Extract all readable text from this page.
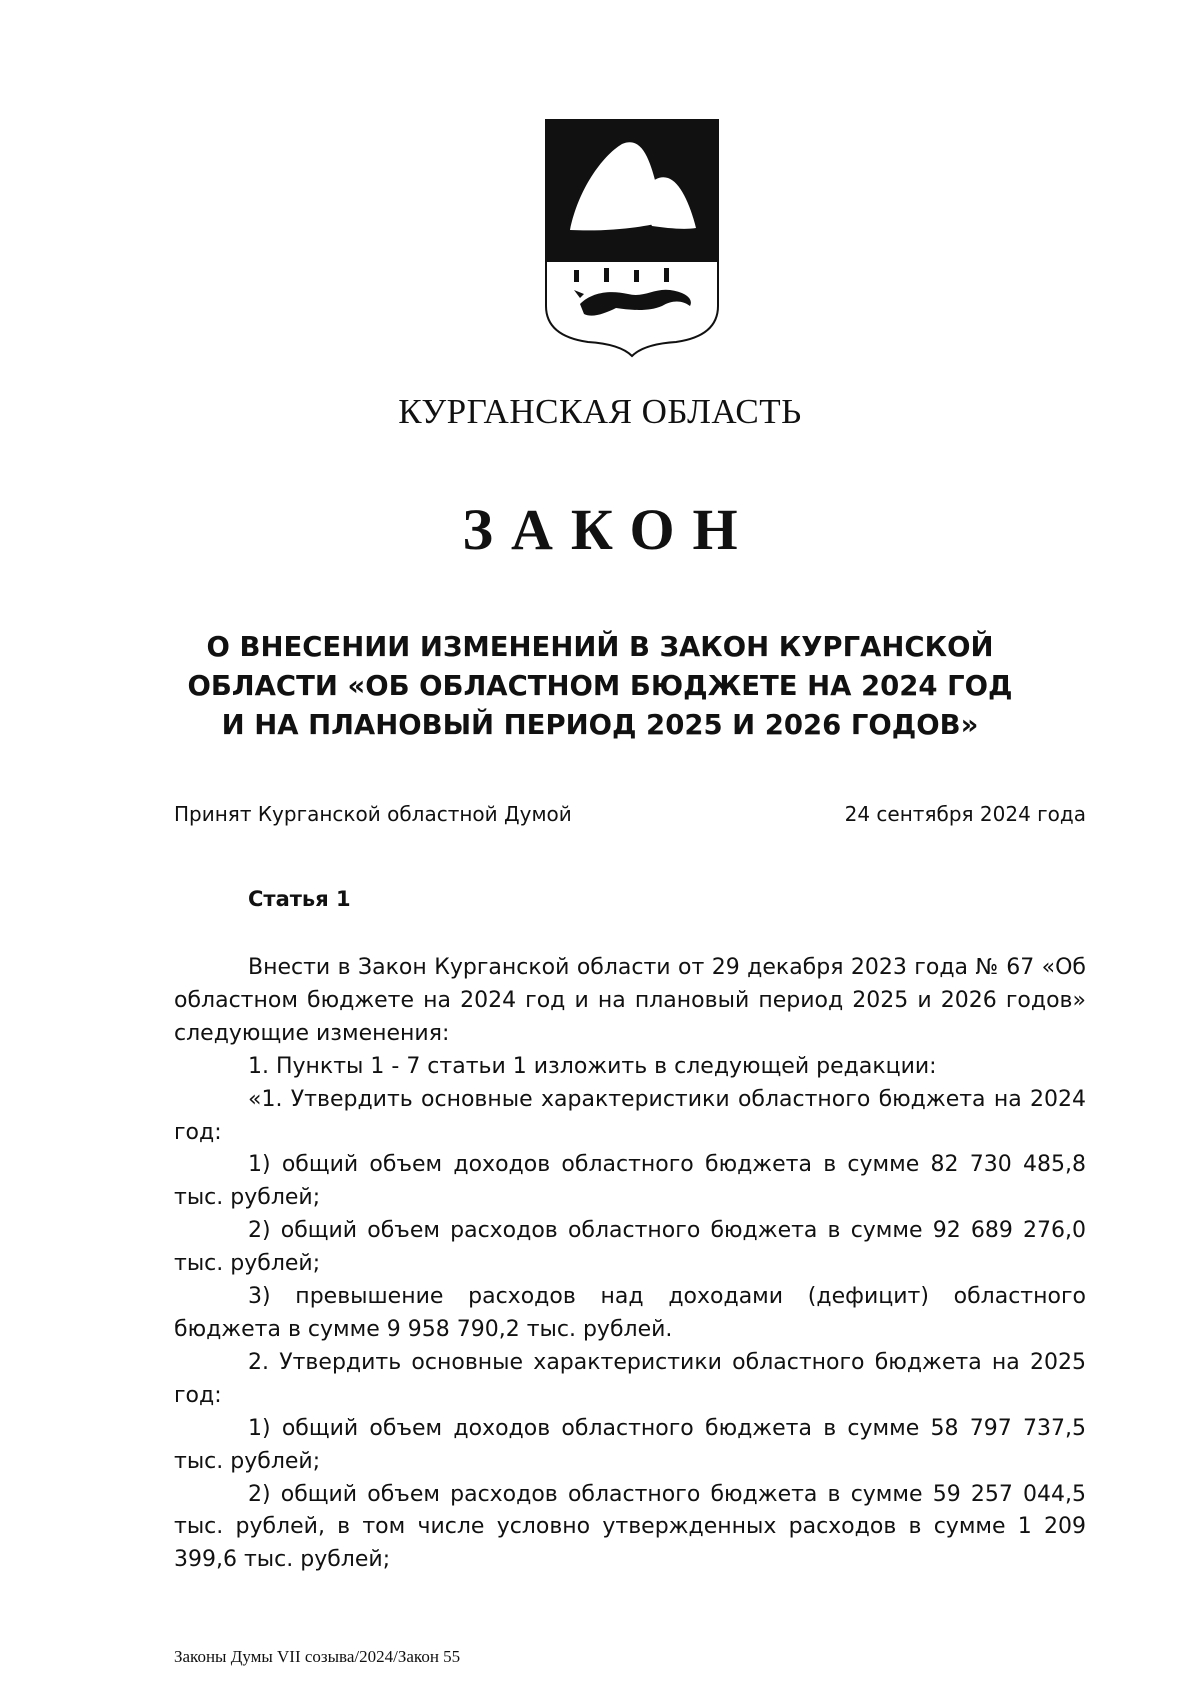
КУРГАНСКАЯ ОБЛАСТЬ
ЗАКОН
О ВНЕСЕНИИ ИЗМЕНЕНИЙ В ЗАКОН КУРГАНСКОЙ
ОБЛАСТИ «ОБ ОБЛАСТНОМ БЮДЖЕТЕ НА 2024 ГОД
И НА ПЛАНОВЫЙ ПЕРИОД 2025 И 2026 ГОДОВ»
Принят Курганской областной Думой	24 сентября 2024 года
Статья 1
Внести в Закон Курганской области от 29 декабря 2023 года № 67 «Об областном бюджете на 2024 год и на плановый период 2025 и 2026 годов» следующие изменения:
1. Пункты 1 - 7 статьи 1 изложить в следующей редакции:
«1. Утвердить основные характеристики областного бюджета на 2024 год:
1) общий объем доходов областного бюджета в сумме 82 730 485,8 тыс. рублей;
2) общий объем расходов областного бюджета в сумме 92 689 276,0 тыс. рублей;
3) превышение расходов над доходами (дефицит) областного бюджета в сумме 9 958 790,2 тыс. рублей.
2. Утвердить основные характеристики областного бюджета на 2025 год:
1) общий объем доходов областного бюджета в сумме 58 797 737,5 тыс. рублей;
2) общий объем расходов областного бюджета в сумме 59 257 044,5 тыс. рублей, в том числе условно утвержденных расходов в сумме 1 209 399,6 тыс. рублей;
Законы Думы VII созыва/2024/Закон 55
